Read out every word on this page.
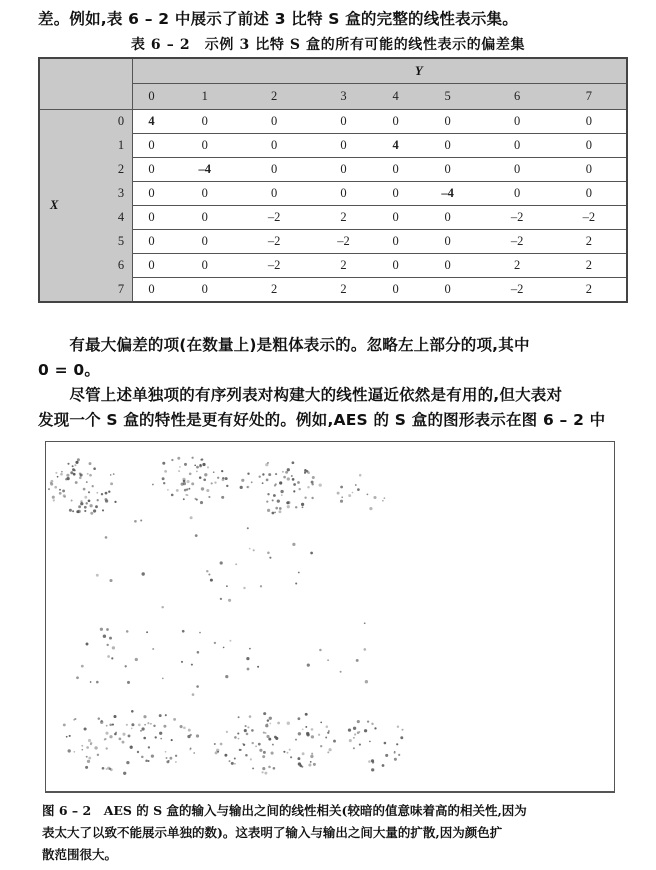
差。例如,表 6 – 2 中展示了前述 3 比特 S 盒的完整的线性表示集。
表 6 – 2　示例 3 比特 S 盒的所有可能的线性表示的偏差集
		Y							
		0	1	2	3	4	5	6	7
X	0	4	0	0	0	0	0	0	0
	1	0	0	0	0	4	0	0	0
	2	0	–4	0	0	0	0	0	0
	3	0	0	0	0	0	–4	0	0
	4	0	0	–2	2	0	0	–2	–2
	5	0	0	–2	–2	0	0	–2	2
	6	0	0	–2	2	0	0	2	2
	7	0	0	2	2	0	0	–2	2
　　有最大偏差的项(在数量上)是粗体表示的。忽略左上部分的项,其中
0 = 0。
　　尽管上述单独项的有序列表对构建大的线性逼近依然是有用的,但大表对
发现一个 S 盒的特性是更有好处的。例如,AES 的 S 盒的图形表示在图 6 – 2 中
图 6 – 2　AES 的 S 盒的输入与输出之间的线性相关(较暗的值意味着高的相关性,因为
表太大了以致不能展示单独的数)。这表明了输入与输出之间大量的扩散,因为颜色扩
散范围很大。
